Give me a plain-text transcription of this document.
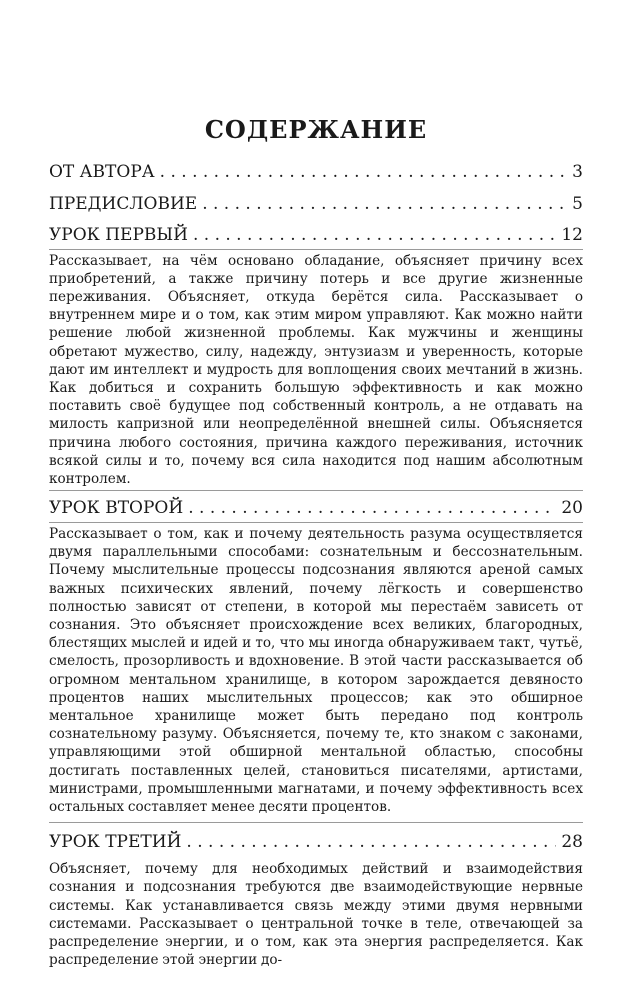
СОДЕРЖАНИЕ
ОТ АВТОРА . . .	3
ПРЕДИСЛОВИЕ . . .	5
УРОК ПЕРВЫЙ . . .	12

Рассказывает, на чём основано обладание, объясняет причину всех приобретений, а также причину потерь и все другие жизненные переживания. Объясняет, откуда берётся сила. Рассказывает о внутреннем мире и о том, как этим миром управляют. Как можно найти решение любой жизненной проблемы. Как мужчины и женщины обретают мужество, силу, надежду, энтузиазм и уверенность, которые дают им интеллект и мудрость для воплощения своих мечтаний в жизнь. Как добиться и сохранить большую эффективность и как можно поставить своё будущее под собственный контроль, а не отдавать на милость капризной или неопределённой внешней силы. Объясняется причина любого состояния, причина каждого переживания, источник всякой силы и то, почему вся сила находится под нашим абсолютным контролем.

УРОК ВТОРОЙ . . .	20

Рассказывает о том, как и почему деятельность разума осуществляется двумя параллельными способами: сознательным и бессознательным. Почему мыслительные процессы подсознания являются ареной самых важных психических явлений, почему лёгкость и совершенство полностью зависят от степени, в которой мы перестаём зависеть от сознания. Это объясняет происхождение всех великих, благородных, блестящих мыслей и идей и то, что мы иногда обнаруживаем такт, чутьё, смелость, прозорливость и вдохновение. В этой части рассказывается об огромном ментальном хранилище, в котором зарождается девяносто процентов наших мыслительных процессов; как это обширное ментальное хранилище может быть передано под контроль сознательному разуму. Объясняется, почему те, кто знаком с законами, управляющими этой обширной ментальной областью, способны достигать поставленных целей, становиться писателями, артистами, министрами, промышленными магнатами, и почему эффективность всех остальных составляет менее десяти процентов.

УРОК ТРЕТИЙ . . .	28

Объясняет, почему для необходимых действий и взаимодействия сознания и подсознания требуются две взаимодействующие нервные системы. Как устанавливается связь между этими двумя нервными системами. Рассказывает о центральной точке в теле, отвечающей за распределение энергии, и о том, как эта энергия распределяется. Как распределение этой энергии до-
